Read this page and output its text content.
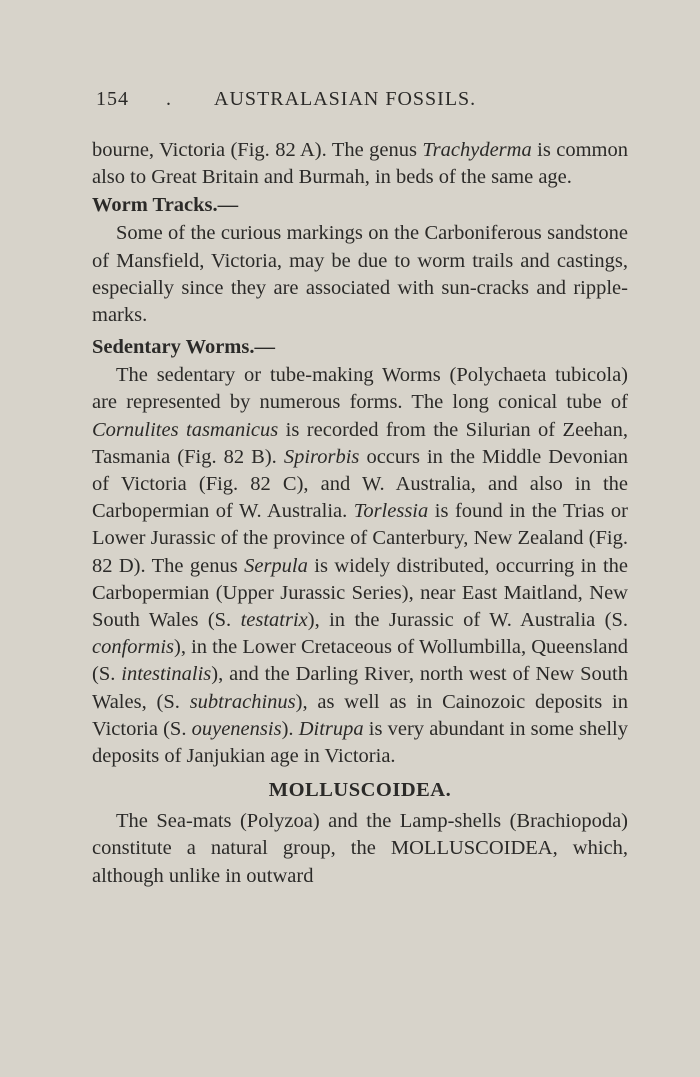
154 . AUSTRALASIAN FOSSILS.

bourne, Victoria (Fig. 82 A). The genus Trachyderma is common also to Great Britain and Burmah, in beds of the same age.

Worm Tracks.—

Some of the curious markings on the Carboniferous sandstone of Mansfield, Victoria, may be due to worm trails and castings, especially since they are associated with sun-cracks and ripple-marks.

Sedentary Worms.—

The sedentary or tube-making Worms (Polychaeta tubicola) are represented by numerous forms. The long conical tube of Cornulites tasmanicus is recorded from the Silurian of Zeehan, Tasmania (Fig. 82 B). Spirorbis occurs in the Middle Devonian of Victoria (Fig. 82 C), and W. Australia, and also in the Carbopermian of W. Australia. Torlessia is found in the Trias or Lower Jurassic of the province of Canterbury, New Zealand (Fig. 82 D). The genus Serpula is widely distributed, occurring in the Carbopermian (Upper Jurassic Series), near East Maitland, New South Wales (S. testatrix), in the Jurassic of W. Australia (S. conformis), in the Lower Cretaceous of Wollumbilla, Queensland (S. intestinalis), and the Darling River, north west of New South Wales, (S. subtrachinus), as well as in Cainozoic deposits in Victoria (S. ouyenensis). Ditrupa is very abundant in some shelly deposits of Janjukian age in Victoria.

MOLLUSCOIDEA.

The Sea-mats (Polyzoa) and the Lamp-shells (Brachiopoda) constitute a natural group, the MOLLUSCOIDEA, which, although unlike in outward
